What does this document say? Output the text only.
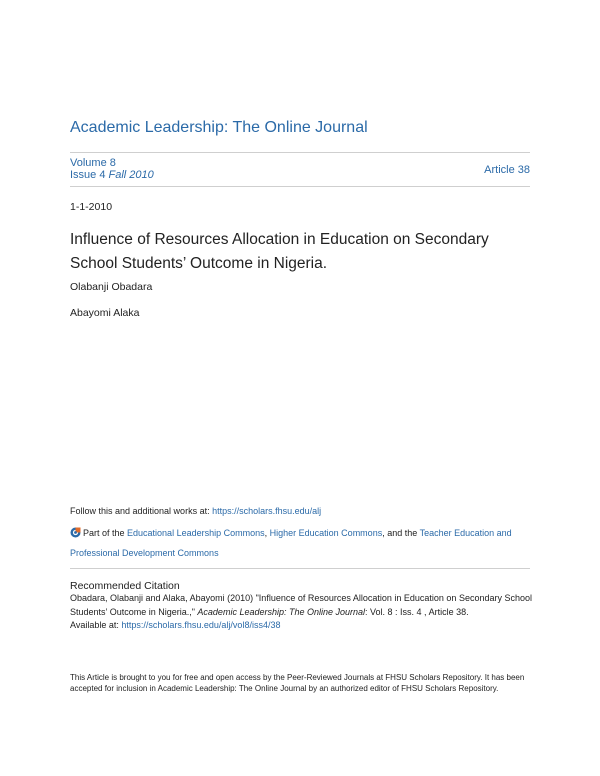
Academic Leadership: The Online Journal
Volume 8
Issue 4 Fall 2010	Article 38
1-1-2010
Influence of Resources Allocation in Education on Secondary School Students’ Outcome in Nigeria.
Olabanji Obadara
Abayomi Alaka
Follow this and additional works at: https://scholars.fhsu.edu/alj
Part of the Educational Leadership Commons, Higher Education Commons, and the Teacher Education and Professional Development Commons
Recommended Citation
Obadara, Olabanji and Alaka, Abayomi (2010) "Influence of Resources Allocation in Education on Secondary School Students’ Outcome in Nigeria.," Academic Leadership: The Online Journal: Vol. 8 : Iss. 4 , Article 38.
Available at: https://scholars.fhsu.edu/alj/vol8/iss4/38
This Article is brought to you for free and open access by the Peer-Reviewed Journals at FHSU Scholars Repository. It has been accepted for inclusion in Academic Leadership: The Online Journal by an authorized editor of FHSU Scholars Repository.
